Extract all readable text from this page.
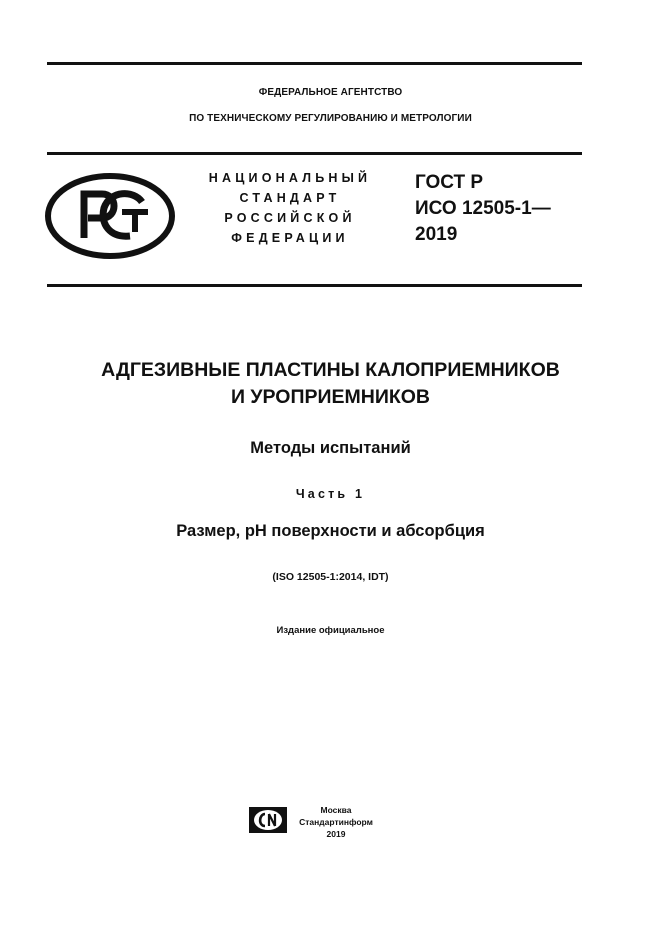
ФЕДЕРАЛЬНОЕ АГЕНТСТВО
ПО ТЕХНИЧЕСКОМУ РЕГУЛИРОВАНИЮ И МЕТРОЛОГИИ
НАЦИОНАЛЬНЫЙ
СТАНДАРТ
РОССИЙСКОЙ
ФЕДЕРАЦИИ
ГОСТ Р
ИСО 12505-1—
2019
АДГЕЗИВНЫЕ ПЛАСТИНЫ КАЛОПРИЕМНИКОВ
И УРОПРИЕМНИКОВ
Методы испытаний
Часть 1
Размер, pH поверхности и абсорбция
(ISO 12505-1:2014, IDT)
Издание официальное
Москва
Стандартинформ
2019
